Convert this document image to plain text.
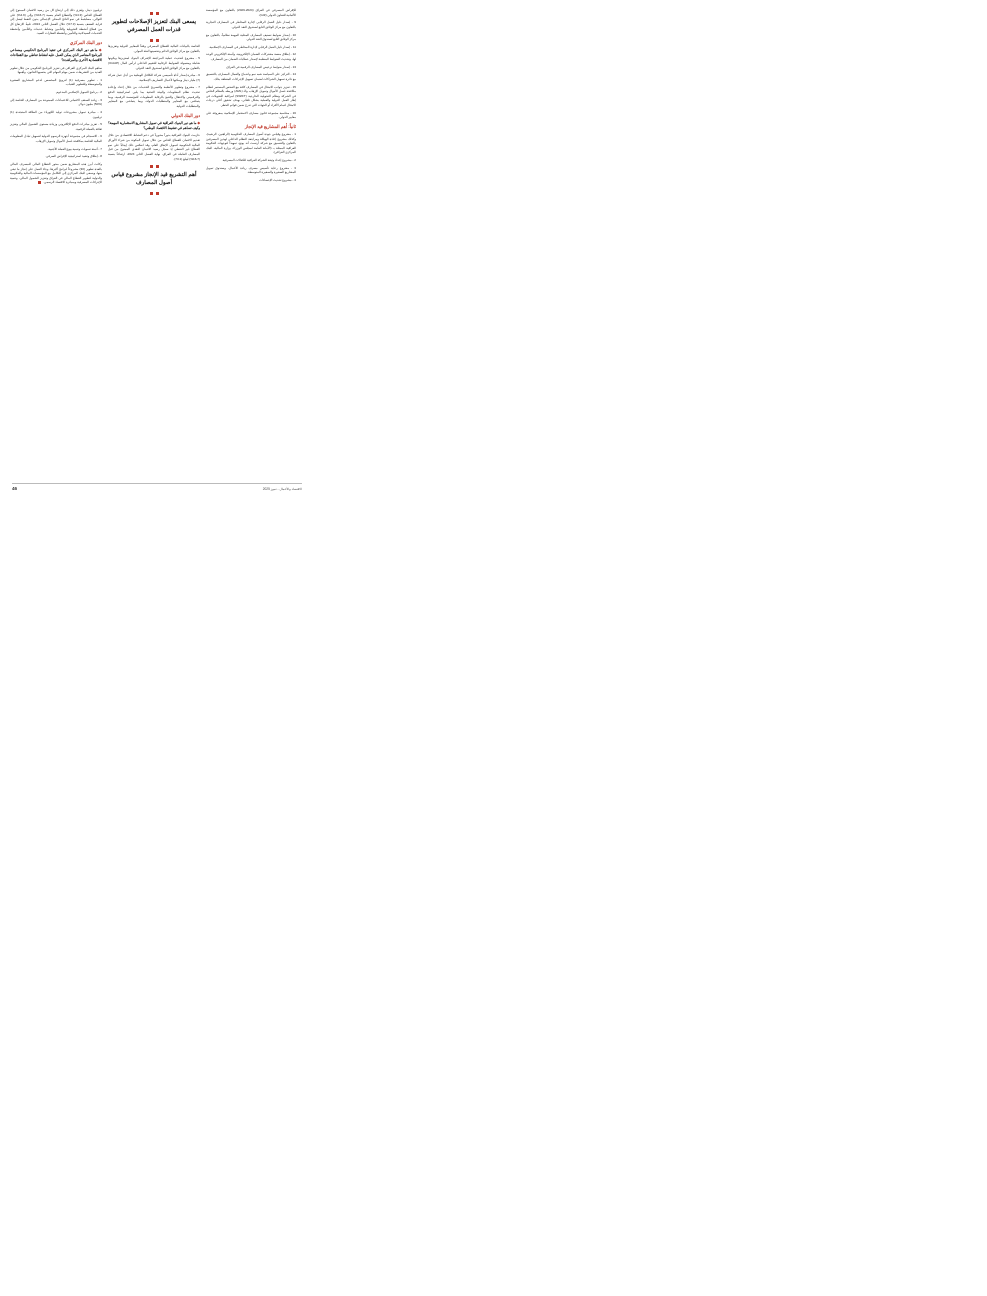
للإقراض المصرفي في العراق (2024-2029) بالتعاون مع المؤسسة الألمانية للتعاون الدولي (GIZ).

9 - إصدار دليل العمل الرقابي لإدارة المخاطر في المصارف التجارية بالتعاون مع مركز الوثائق التابع لصندوق النقد الدولي.

10 - إصدار ضوابط تصنيف المصارف المحلية المهمة نظامياً، بالتعاون مع مركز الوثائق التابع لصندوق النقد الدولي.

11 - إصدار دليل العمل الرقابي لإدارة المخاطر في المصارف الإسلامية.

12 - إطلاق منصة مشتركات الضمان الإلكترونية، وأتمتة الإلكتروني الوحد لها، وتحديث الضوابط المنظمة لإصدار خطابات الضمان من المصارف.

13 - إصدار ضوابط ترخيص المصارف الرقمية في العراق.

14 - التركيز على السياسة شبه نمو واندماج والعمال المصارف بالتنسيق مع دائرة تسهيل الشراكات لضمان تسهيل الإجراءات المتعلقة بذلك.

15 - تعزيز جوانب الامتثال في المصارف كافة مع الفحص المستمر لنظام مكافحة غسل الأموال وتمويل الإرهاب والـ (AML) وربطه بالنظام الخاص في الشركة ونظام التحويلية الخارجية (SWIFT) لمراقبة التحويلات في إطار العمل الدولية والعملية بشكل تلقائي، بهدف تحقيق أعلى درجات الامتثال لتمام الأفراد أو الجهات التي تدرج ضمن قوائم الحظر.

16 - محاسبة مجموعة قانون مصارف الاستثمار الإسلامية بمعروفة على معايير الدولي.

ثانياً: أهم المشاريع قيد الإنجاز

1 - مشروع وقياس جودة أصول المصارف الحكومية (الراهنين، الرشيد)، وكذلك مشروع إعادة الهيكلة ومراجعة النظام الداخلي لهذين المصرفين بالتعاون والتنسيق مع شركة أرنست أند يونغ، تمهيداً لتوجهات الحكومة العراقية الممثلة بـ (الأمانة العامة لمجلس الوزراء، وزارة المالية، البنك المركزي العراقي).

2 - مشروع إعداد وثيقة الشركة العراقية للكفالات المصرفية.

3 - مشروع رعاية تأسيس مصرف ريادة الأعمال، وصندوق تمويل المشاريع الصغيرة والصغيرة المتوسطة.

4 - مشروع تحديث الإحصاءات

يسعى البنك لتعزيز الإصلاحات لتطوير قدرات العمل المصرفي

الخاصة بالبيانات المالية للقطاع المصرفي وفقاً للمعايير الدولية وتعزيزها بالتعاون مع مركز الوثائق الدائم وتحسينها لفئة المولي.

5 - مشروع لتحديث عملية المراجعة الإشراف البنوك لمعزيزها وبكونها شاملة ومعمولة الضوابط الرقابية للتقييم الداخلي لرأس المال (ICAAP) بالتعاون مع مركز الوثائق التابع لصندوق النقد الدولي.

6 - مبادرة إصدار أداة تأسيسي شركة التكافل الوطنية من أجل عمل شركة (7) مليار دينار ويمكنها لأعمال التصاريف الإسلامية.

7 - مشروع وتطوير الأنظمة والتصريح الخدمات من خلال إعداد وإعادة تحديث نظام المعلومات والبيئة التحتية بما يلبي استراتيجية الدفع والترقميني والانتقال والتنبؤ بالرقابة المعلومات للمؤسسة الرقمية، ويما يتماشى مع المعايير والمتطلبات الدولة، ويما يتماشى مع المعايير والمتطلبات الدولية.

دور البنك الدولي
◆ ما هو دور البنوك العراقية في تمويل المشاريع الاستثمارية المهمة؟ وكيف تساهم في تنشيط الاقتصاد الوطني؟

حازمت البنوك العراقية بدوراً محورياً في دعم النشاط الاقتصادي من خلال تقديم الائتمان للقطاع الخاص من خلال تمويل المكونة من شراء الأوراق المالية الحكومية لتمويل الإنفاق العام، وقد انعكس ذلك إيجاباً على نمو القطاع غير النفطي إذ سجل رصيد الائتمان النقدي الممنوح من قبل المصارف العاملة في العراق، نهاية الفصل الثاني 2024، ارتفاعاً بنسبة (16.7%) ليبلغ (73.1).

أهم التشريع قيد الإنجاز مشروع قياس أصول المصارف

تريليون دينار، ويُعزى ذلك إلى ارتفاع كل من رصيد الائتمان الممنوح إلى القطاع الخاص (4.3%) والقطاع العام بنسبة (16.7%) وإلى (4.9%) على التوالي، مساهمةً في نمو الناتج المحلي الإجمالي بدون النفط ليصل إلى قرابة الضعف بنسبة (7.3%) خلال الفصل الثاني 2024، تلبيةً الارتفاع كل من قطاع أنشطة التحويلية والتأمين ونشاط خدمات والتأمين وأنشطة الخدمات الصيدلانية والتأمين وأنشطة العقارات الصيد.

دور البنك المركزي
◆ ما هو دور البنك المركزي في تنفيذ البرنامج الحكومي ومساعي البرنامج المعاصر الذي يمكن العمل عليه لنشاط تعاطي مع القطاعات الاقتصادية الأخرى والمراشدة؟

ساهم البنك المركزي العراقي في تعزيز البرنامج الحكومي من خلال تطوير العديد من التشريعات ضمن مهام المهام التي بحسبها القانون، وأهمها:

1 - تطوير مصرفية (1) لترويج المخصص لدعم المشاريع الصغيرة والمتوسطة وللتطوير الشباب.

2 - برنامج التمويل الإسلامي المدعوم.

3 - زيادة السقف الائتماني للاعتمادات الممنوحة من المصارف الخاصة إلى (%50) مليون دولار.

4 - مبادرة تمويل مشروعات توليد الكهرباء من الطاقة المتجددة (1) تريليون.

5 - تعزيز مبادرات الدفع الإلكتروني وزيادة مستوى الشمول المالي وتعزيز ثقافة بالعملة الرقمية.

6 - الانسجام في مجموعة أجهزة الرسوم الدولية لتسهيل تبادل المعلومات المالية الخاصة بمكافحة غسل الأموال وتمويل الإرهاب.

7 - أتمتة تسويات وتنمية بيوع العملة الأجنبية.

8 - إطلاق وتنفيذ استراتيجية الإقراض الصرفي.

وكانت أبرز هذه المشاريع ضمن محور القطاع المالي للمصرف المالي بالعدة تطوير (30) مشروعاً لبرامج أكبرها، وجاء العمل على إنجاز ما تبقى منها، ويسعى البنك المركزي إلى التكامل مع المؤسسات المالية والحكومية والدولية لتطوير القطاع المالي في العراق وتعزيز الشمول المالي، وتنمية الإجراءات المصرفية وبمبادرة الاقتصاد الرسمي.

الاقتصاد والأعمال - تموز 2025
46
